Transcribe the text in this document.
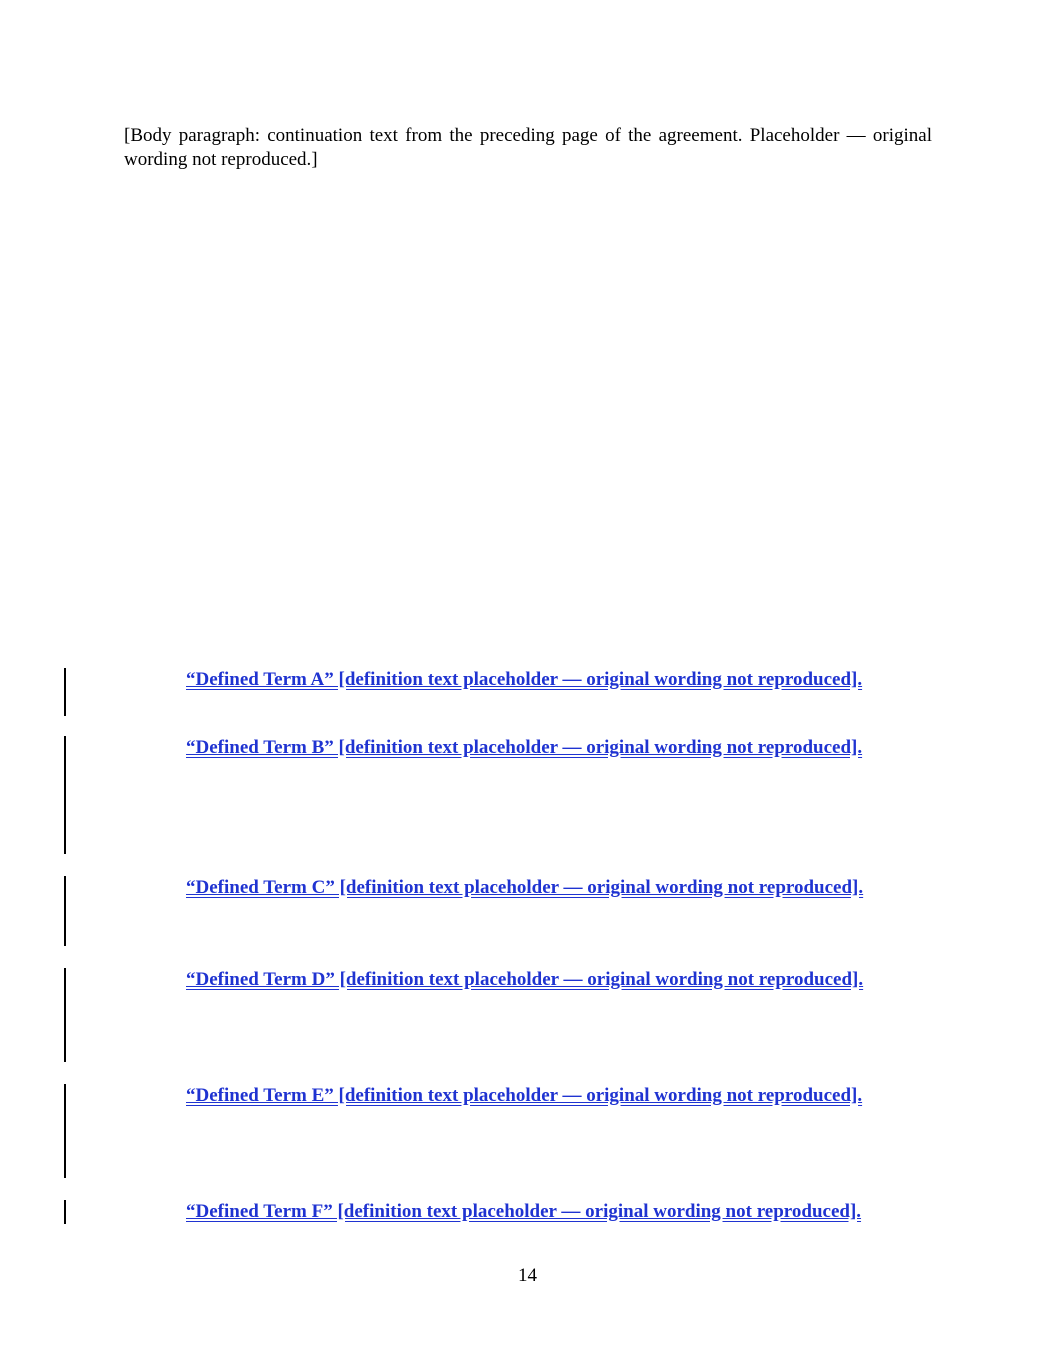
[Body paragraph: continuation text from the preceding page of the agreement. Placeholder — original wording not reproduced.]
“Defined Term A” [definition text placeholder — original wording not reproduced].
“Defined Term B” [definition text placeholder — original wording not reproduced].
“Defined Term C” [definition text placeholder — original wording not reproduced].
“Defined Term D” [definition text placeholder — original wording not reproduced].
“Defined Term E” [definition text placeholder — original wording not reproduced].
“Defined Term F” [definition text placeholder — original wording not reproduced].
14
